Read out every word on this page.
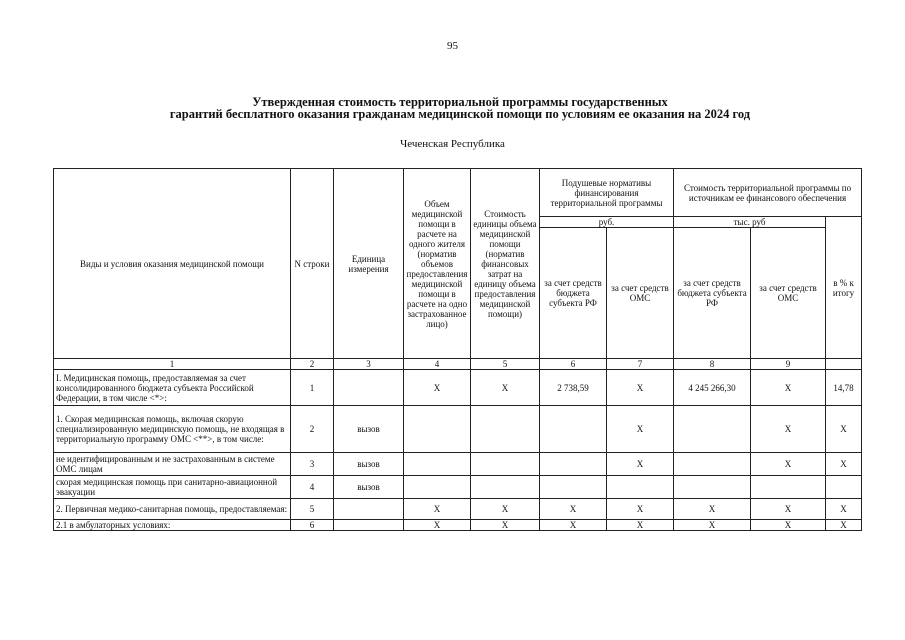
95
Утвержденная стоимость территориальной программы государственных
гарантий бесплатного оказания гражданам медицинской помощи по условиям ее оказания на 2024 год
Чеченская Республика
Виды и условия оказания медицинской помощи	N строки	Единица измерения	Объем медицинской помощи в расчете на одного жителя (норматив объемов предоставления медицинской помощи в расчете на одно застрахованное лицо)	Стоимость единицы объема медицинской помощи (норматив финансовых затрат на единицу объема предоставления медицинской помощи)	Подушевые нормативы финансирования территориальной программы		Стоимость территориальной программы по источникам ее финансового обеспечения		
					руб.		тыс. руб		в % к итогу
					за счет средств бюджета субъекта РФ	за счет средств ОМС	за счет средств бюджета субъекта РФ	за счет средств ОМС	
1	2	3	4	5	6	7	8	9	
I. Медицинская помощь, предоставляемая за счет консолидированного бюджета субъекта Российской Федерации, в том числе <*>:	1		X	X	2 738,59	X	4 245 266,30	X	14,78
1. Скорая медицинская помощь, включая скорую специализированную медицинскую помощь, не входящая в территориальную программу ОМС <**>, в том числе:	2	вызов				X		X	X
не идентифицированным и не застрахованным в системе ОМС лицам	3	вызов				X		X	X
скорая медицинская помощь при санитарно-авиационной эвакуации	4	вызов							
2. Первичная медико-санитарная помощь, предоставляемая:	5		X	X	X	X	X	X	X
2.1 в амбулаторных условиях:	6		X	X	X	X	X	X	X
